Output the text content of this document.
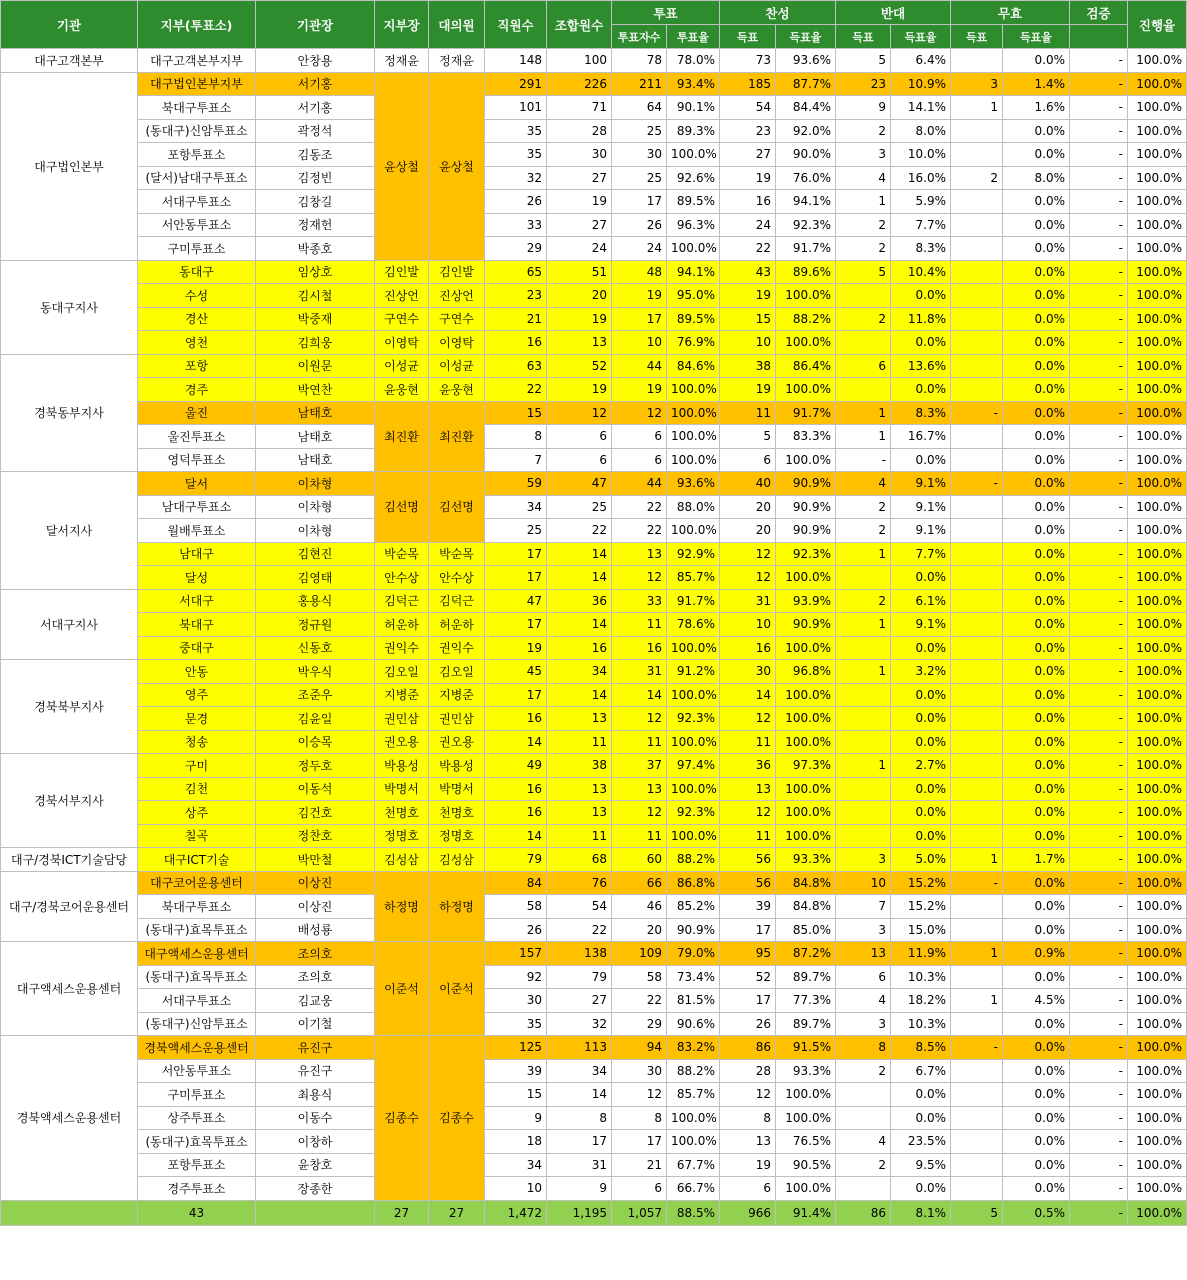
기관	지부(투표소)	기관장	지부장	대의원	직원수	조합원수	투표		찬성		반대		무효		검증	진행율
							투표자수	투표율	득표	득표율	득표	득표율	득표	득표율		
대구고객본부	대구고객본부지부	안창용	정재윤	정재윤	148	100	78	78.0%	73	93.6%	5	6.4%		0.0%	-	100.0%
대구법인본부	대구법인본부지부	서기홍	윤상철	윤상철	291	226	211	93.4%	185	87.7%	23	10.9%	3	1.4%	-	100.0%
	북대구투표소	서기홍			101	71	64	90.1%	54	84.4%	9	14.1%	1	1.6%	-	100.0%
	(동대구)신암투표소	곽정석			35	28	25	89.3%	23	92.0%	2	8.0%		0.0%	-	100.0%
	포항투표소	김동조			35	30	30	100.0%	27	90.0%	3	10.0%		0.0%	-	100.0%
	(달서)남대구투표소	김정빈			32	27	25	92.6%	19	76.0%	4	16.0%	2	8.0%	-	100.0%
	서대구투표소	김창길			26	19	17	89.5%	16	94.1%	1	5.9%		0.0%	-	100.0%
	서안동투표소	정재헌			33	27	26	96.3%	24	92.3%	2	7.7%		0.0%	-	100.0%
	구미투표소	박종호			29	24	24	100.0%	22	91.7%	2	8.3%		0.0%	-	100.0%
동대구지사	동대구	임상호	김인발	김인발	65	51	48	94.1%	43	89.6%	5	10.4%		0.0%	-	100.0%
	수성	김시철	진상언	진상언	23	20	19	95.0%	19	100.0%		0.0%		0.0%	-	100.0%
	경산	박중재	구연수	구연수	21	19	17	89.5%	15	88.2%	2	11.8%		0.0%	-	100.0%
	영천	김희웅	이영탁	이영탁	16	13	10	76.9%	10	100.0%		0.0%		0.0%	-	100.0%
경북동부지사	포항	이원문	이성균	이성균	63	52	44	84.6%	38	86.4%	6	13.6%		0.0%	-	100.0%
	경주	박연찬	윤웅현	윤웅현	22	19	19	100.0%	19	100.0%		0.0%		0.0%	-	100.0%
	울진	남태호	최진환	최진환	15	12	12	100.0%	11	91.7%	1	8.3%	-	0.0%	-	100.0%
	울진투표소	남태호			8	6	6	100.0%	5	83.3%	1	16.7%		0.0%	-	100.0%
	영덕투표소	남태호			7	6	6	100.0%	6	100.0%	-	0.0%		0.0%	-	100.0%
달서지사	달서	이차형	김선명	김선명	59	47	44	93.6%	40	90.9%	4	9.1%	-	0.0%	-	100.0%
	남대구투표소	이차형			34	25	22	88.0%	20	90.9%	2	9.1%		0.0%	-	100.0%
	월배투표소	이차형			25	22	22	100.0%	20	90.9%	2	9.1%		0.0%	-	100.0%
	남대구	김현진	박순목	박순목	17	14	13	92.9%	12	92.3%	1	7.7%		0.0%	-	100.0%
	달성	김영태	안수상	안수상	17	14	12	85.7%	12	100.0%		0.0%		0.0%	-	100.0%
서대구지사	서대구	홍용식	김덕근	김덕근	47	36	33	91.7%	31	93.9%	2	6.1%		0.0%	-	100.0%
	북대구	정규원	허운하	허운하	17	14	11	78.6%	10	90.9%	1	9.1%		0.0%	-	100.0%
	중대구	신동호	권익수	권익수	19	16	16	100.0%	16	100.0%		0.0%		0.0%	-	100.0%
경북북부지사	안동	박우식	김오일	김오일	45	34	31	91.2%	30	96.8%	1	3.2%		0.0%	-	100.0%
	영주	조준우	지병준	지병준	17	14	14	100.0%	14	100.0%		0.0%		0.0%	-	100.0%
	문경	김윤일	권민삼	권민삼	16	13	12	92.3%	12	100.0%		0.0%		0.0%	-	100.0%
	청송	이승목	권오용	권오용	14	11	11	100.0%	11	100.0%		0.0%		0.0%	-	100.0%
경북서부지사	구미	정두호	박용성	박용성	49	38	37	97.4%	36	97.3%	1	2.7%		0.0%	-	100.0%
	김천	이동석	박명서	박명서	16	13	13	100.0%	13	100.0%		0.0%		0.0%	-	100.0%
	상주	김건호	천명호	천명호	16	13	12	92.3%	12	100.0%		0.0%		0.0%	-	100.0%
	칠곡	정찬호	정명호	정명호	14	11	11	100.0%	11	100.0%		0.0%		0.0%	-	100.0%
대구/경북ICT기술담당	대구ICT기술	박만철	김성삼	김성삼	79	68	60	88.2%	56	93.3%	3	5.0%	1	1.7%	-	100.0%
대구/경북코어운용센터	대구코어운용센터	이상진	하정명	하정명	84	76	66	86.8%	56	84.8%	10	15.2%	-	0.0%	-	100.0%
	북대구투표소	이상진			58	54	46	85.2%	39	84.8%	7	15.2%		0.0%	-	100.0%
	(동대구)효목투표소	배성룡			26	22	20	90.9%	17	85.0%	3	15.0%		0.0%	-	100.0%
대구액세스운용센터	대구액세스운용센터	조의호	이준석	이준석	157	138	109	79.0%	95	87.2%	13	11.9%	1	0.9%	-	100.0%
	(동대구)효목투표소	조의호			92	79	58	73.4%	52	89.7%	6	10.3%		0.0%	-	100.0%
	서대구투표소	김교웅			30	27	22	81.5%	17	77.3%	4	18.2%	1	4.5%	-	100.0%
	(동대구)신암투표소	이기철			35	32	29	90.6%	26	89.7%	3	10.3%		0.0%	-	100.0%
경북액세스운용센터	경북액세스운용센터	유진구	김종수	김종수	125	113	94	83.2%	86	91.5%	8	8.5%	-	0.0%	-	100.0%
	서안동투표소	유진구			39	34	30	88.2%	28	93.3%	2	6.7%		0.0%	-	100.0%
	구미투표소	최용식			15	14	12	85.7%	12	100.0%		0.0%		0.0%	-	100.0%
	상주투표소	이동수			9	8	8	100.0%	8	100.0%		0.0%		0.0%	-	100.0%
	(동대구)효목투표소	이창하			18	17	17	100.0%	13	76.5%	4	23.5%		0.0%	-	100.0%
	포항투표소	윤창호			34	31	21	67.7%	19	90.5%	2	9.5%		0.0%	-	100.0%
	경주투표소	장종한			10	9	6	66.7%	6	100.0%		0.0%		0.0%	-	100.0%
	43		27	27	1,472	1,195	1,057	88.5%	966	91.4%	86	8.1%	5	0.5%	-	100.0%
